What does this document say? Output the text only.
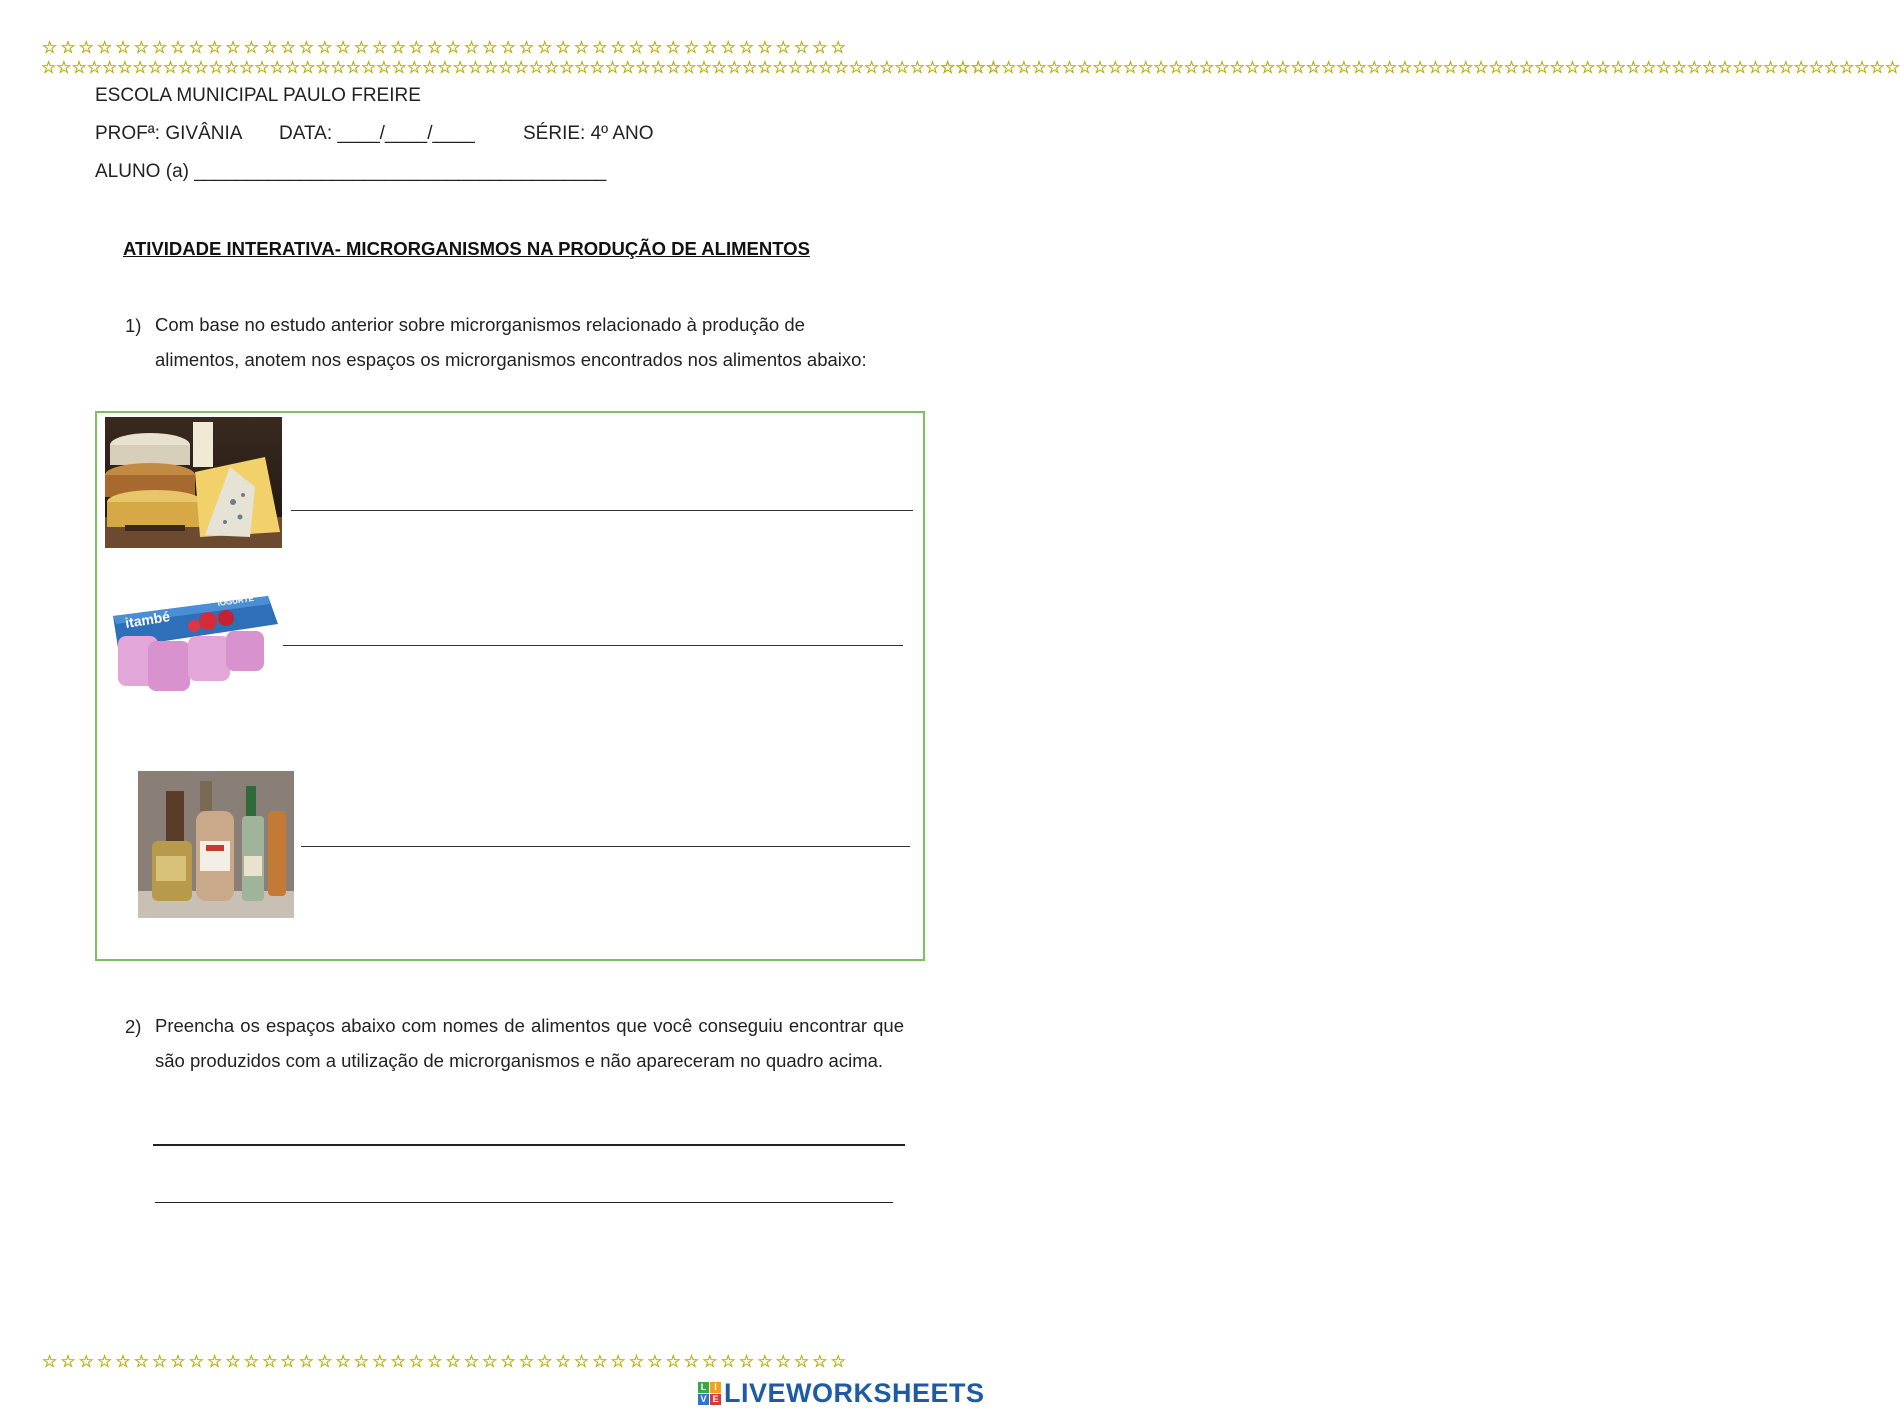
☆☆☆☆☆☆☆☆☆☆☆☆☆☆☆☆☆☆☆☆☆☆☆☆☆☆☆☆☆☆☆☆☆☆☆☆☆☆☆☆☆☆☆☆
☆☆☆☆☆☆☆☆☆☆☆☆☆☆☆☆☆☆☆☆☆☆☆☆☆☆☆☆☆☆☆☆☆☆☆☆☆☆☆☆☆☆☆☆
☆☆☆☆☆☆☆☆☆☆☆☆☆☆☆☆☆☆☆☆☆☆☆☆☆☆☆☆☆☆☆☆☆☆☆☆☆☆☆☆☆☆☆☆☆☆☆☆☆☆☆☆☆☆☆☆☆☆☆☆☆☆☆
☆☆☆☆☆☆☆☆☆☆☆☆☆☆☆☆☆☆☆☆☆☆☆☆☆☆☆☆☆☆☆☆☆☆☆☆☆☆☆☆☆☆☆☆☆☆☆☆☆☆☆☆☆☆☆☆☆☆☆☆☆☆☆
ESCOLA MUNICIPAL PAULO FREIRE
PROFª: GIVÂNIA DATA: ____/____/____	SÉRIE: 4º ANO
ALUNO (a) _______________________________________
ATIVIDADE INTERATIVA- MICRORGANISMOS NA PRODUÇÃO DE ALIMENTOS
1) Com base no estudo anterior sobre microrganismos relacionado à produção de alimentos, anotem nos espaços os microrganismos encontrados nos alimentos abaixo:
itambé
IOGURTE
2) Preencha os espaços abaixo com nomes de alimentos que você conseguiu encontrar que são produzidos com a utilização de microrganismos e não apareceram no quadro acima.
L I
V E LIVEWORKSHEETS
